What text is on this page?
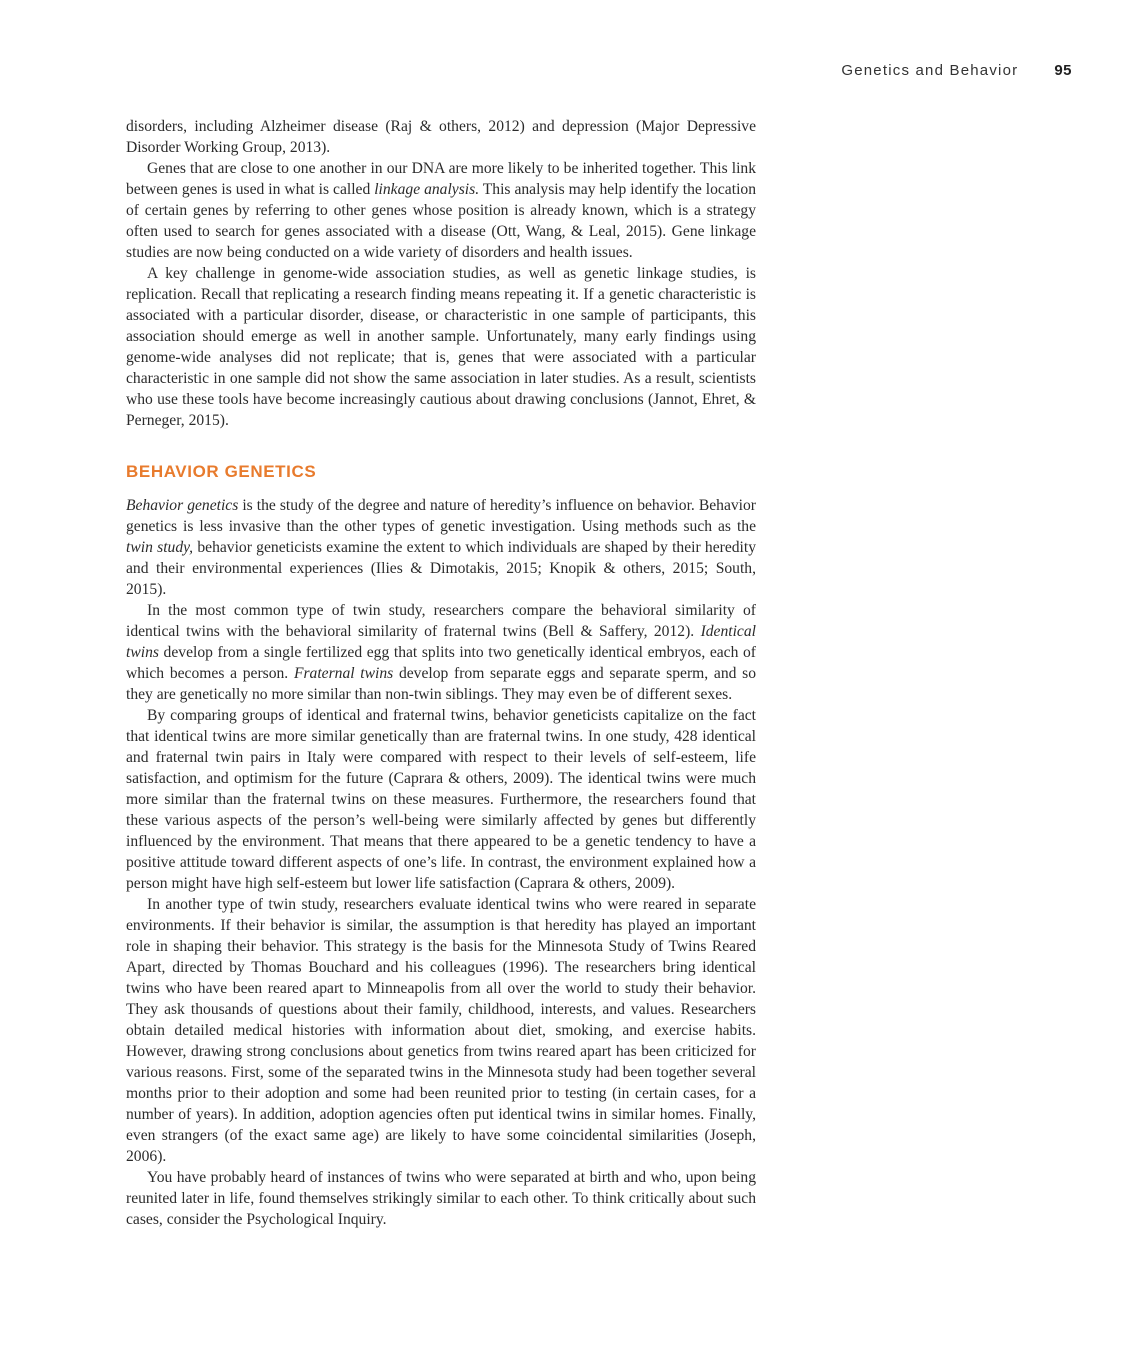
Genetics and Behavior 95

disorders, including Alzheimer disease (Raj & others, 2012) and depression (Major Depressive Disorder Working Group, 2013).

Genes that are close to one another in our DNA are more likely to be inherited together. This link between genes is used in what is called linkage analysis. This analysis may help identify the location of certain genes by referring to other genes whose position is already known, which is a strategy often used to search for genes associated with a disease (Ott, Wang, & Leal, 2015). Gene linkage studies are now being conducted on a wide variety of disorders and health issues.

A key challenge in genome-wide association studies, as well as genetic linkage studies, is replication. Recall that replicating a research finding means repeating it. If a genetic characteristic is associated with a particular disorder, disease, or characteristic in one sample of participants, this association should emerge as well in another sample. Unfortunately, many early findings using genome-wide analyses did not replicate; that is, genes that were associated with a particular characteristic in one sample did not show the same association in later studies. As a result, scientists who use these tools have become increasingly cautious about drawing conclusions (Jannot, Ehret, & Perneger, 2015).

BEHAVIOR GENETICS

Behavior genetics is the study of the degree and nature of heredity’s influence on behavior. Behavior genetics is less invasive than the other types of genetic investigation. Using methods such as the twin study, behavior geneticists examine the extent to which individuals are shaped by their heredity and their environmental experiences (Ilies & Dimotakis, 2015; Knopik & others, 2015; South, 2015).

In the most common type of twin study, researchers compare the behavioral similarity of identical twins with the behavioral similarity of fraternal twins (Bell & Saffery, 2012). Identical twins develop from a single fertilized egg that splits into two genetically identical embryos, each of which becomes a person. Fraternal twins develop from separate eggs and separate sperm, and so they are genetically no more similar than non-twin siblings. They may even be of different sexes.

By comparing groups of identical and fraternal twins, behavior geneticists capitalize on the fact that identical twins are more similar genetically than are fraternal twins. In one study, 428 identical and fraternal twin pairs in Italy were compared with respect to their levels of self-esteem, life satisfaction, and optimism for the future (Caprara & others, 2009). The identical twins were much more similar than the fraternal twins on these measures. Furthermore, the researchers found that these various aspects of the person’s well-being were similarly affected by genes but differently influenced by the environment. That means that there appeared to be a genetic tendency to have a positive attitude toward different aspects of one’s life. In contrast, the environment explained how a person might have high self-esteem but lower life satisfaction (Caprara & others, 2009).

In another type of twin study, researchers evaluate identical twins who were reared in separate environments. If their behavior is similar, the assumption is that heredity has played an important role in shaping their behavior. This strategy is the basis for the Minnesota Study of Twins Reared Apart, directed by Thomas Bouchard and his colleagues (1996). The researchers bring identical twins who have been reared apart to Minneapolis from all over the world to study their behavior. They ask thousands of questions about their family, childhood, interests, and values. Researchers obtain detailed medical histories with information about diet, smoking, and exercise habits. However, drawing strong conclusions about genetics from twins reared apart has been criticized for various reasons. First, some of the separated twins in the Minnesota study had been together several months prior to their adoption and some had been reunited prior to testing (in certain cases, for a number of years). In addition, adoption agencies often put identical twins in similar homes. Finally, even strangers (of the exact same age) are likely to have some coincidental similarities (Joseph, 2006).

You have probably heard of instances of twins who were separated at birth and who, upon being reunited later in life, found themselves strikingly similar to each other. To think critically about such cases, consider the Psychological Inquiry.
